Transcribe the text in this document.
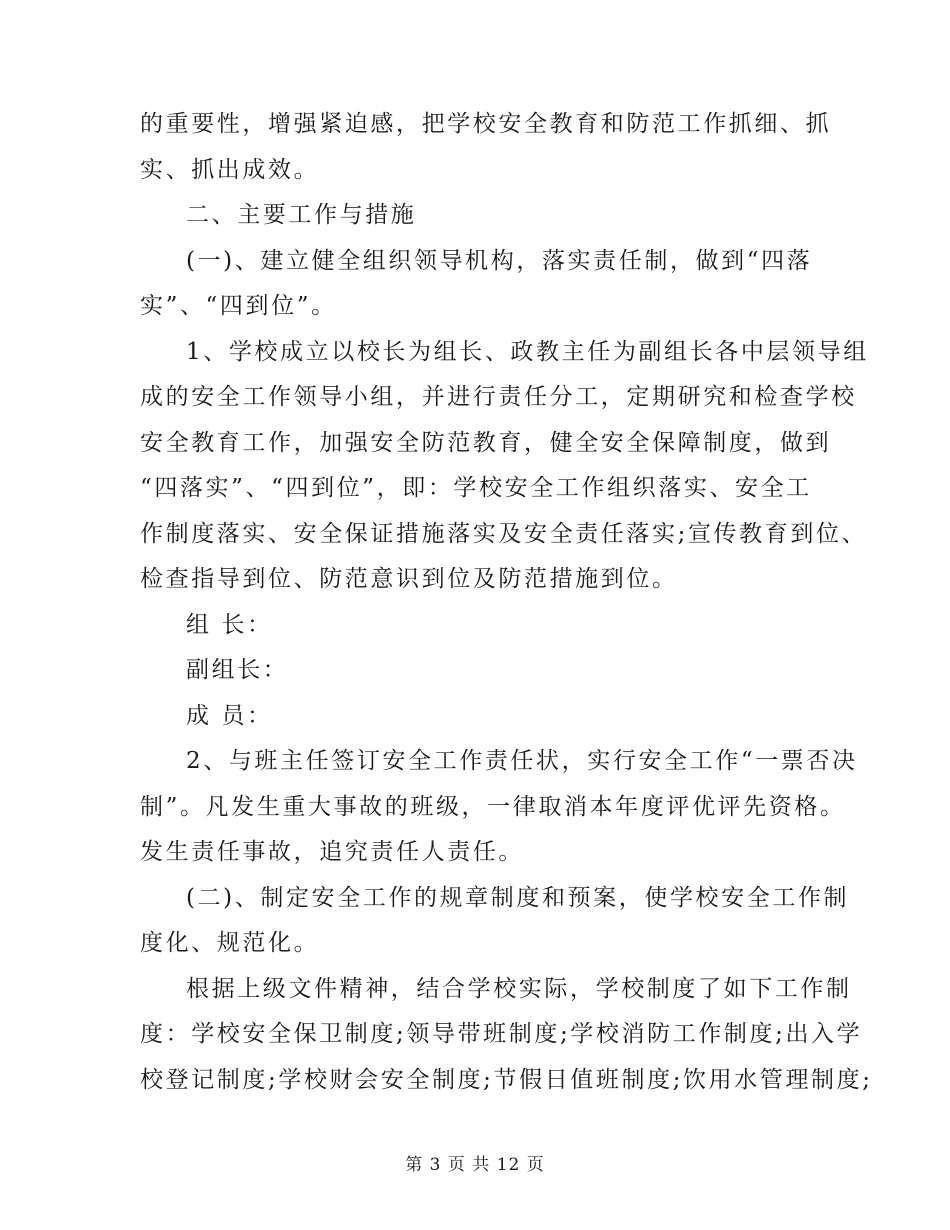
的重要性，增强紧迫感，把学校安全教育和防范工作抓细、抓
实、抓出成效。
二、主要工作与措施
(一)、建立健全组织领导机构，落实责任制，做到“四落
实”、“四到位”。
1、学校成立以校长为组长、政教主任为副组长各中层领导组
成的安全工作领导小组，并进行责任分工，定期研究和检查学校
安全教育工作，加强安全防范教育，健全安全保障制度，做到
“四落实”、“四到位”，即：学校安全工作组织落实、安全工
作制度落实、安全保证措施落实及安全责任落实;宣传教育到位、
检查指导到位、防范意识到位及防范措施到位。
组 长：
副组长：
成 员：
2、与班主任签订安全工作责任状，实行安全工作“一票否决
制”。凡发生重大事故的班级，一律取消本年度评优评先资格。
发生责任事故，追究责任人责任。
(二)、制定安全工作的规章制度和预案，使学校安全工作制
度化、规范化。
根据上级文件精神，结合学校实际，学校制度了如下工作制
度：学校安全保卫制度;领导带班制度;学校消防工作制度;出入学
校登记制度;学校财会安全制度;节假日值班制度;饮用水管理制度;
第 3 页 共 12 页
